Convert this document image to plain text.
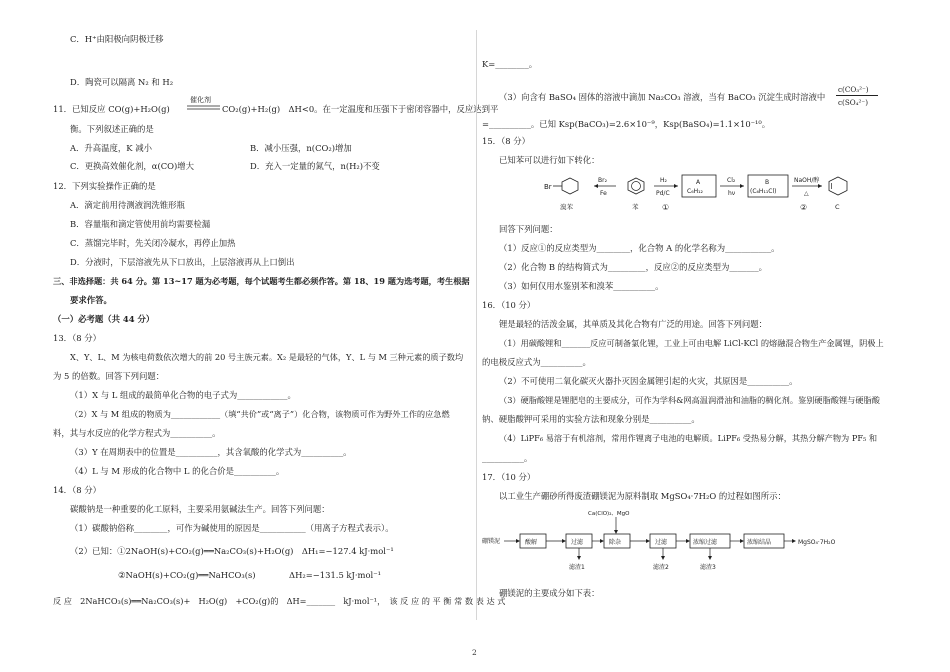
C．H⁺由阳极向阴极迁移
D．陶瓷可以隔离 N₂ 和 H₂
11．已知反应 CO(g)+H₂O(g)
催化剂
CO₂(g)+H₂(g)　ΔH<0。在一定温度和压强下于密闭容器中，反应达到平
衡。下列叙述正确的是
A．升高温度，K 减小	B．减小压强，n(CO₂)增加
C．更换高效催化剂，α(CO)增大	D．充入一定量的氮气，n(H₂)不变
12．下列实验操作正确的是
A．滴定前用待测液润洗锥形瓶
B．容量瓶和滴定管使用前均需要检漏
C．蒸馏完毕时，先关闭冷凝水，再停止加热
D．分液时，下层溶液先从下口放出，上层溶液再从上口倒出
三、非选择题：共 64 分。第 13~17 题为必考题，每个试题考生都必须作答。第 18、19 题为选考题，考生根据
要求作答。
（一）必考题（共 44 分）
13．（8 分）
X、Y、L、M 为核电荷数依次增大的前 20 号主族元素。X₂ 是最轻的气体，Y、L 与 M 三种元素的质子数均
为 5 的倍数。回答下列问题：
（1）X 与 L 组成的最简单化合物的电子式为____________。
（2）X 与 M 组成的物质为____________（填“共价”或“离子”）化合物，该物质可作为野外工作的应急燃
料，其与水反应的化学方程式为__________。
（3）Y 在周期表中的位置是__________，其含氧酸的化学式为__________。
（4）L 与 M 形成的化合物中 L 的化合价是__________。
14．（8 分）
碳酸钠是一种重要的化工原料，主要采用氨碱法生产。回答下列问题：
（1）碳酸钠俗称________，可作为碱使用的原因是___________（用离子方程式表示）。
（2）已知：①2NaOH(s)+CO₂(g)══Na₂CO₃(s)+H₂O(g)　ΔH₁=−127.4 kJ·mol⁻¹
②NaOH(s)+CO₂(g)══NaHCO₃(s)　　　　ΔH₂=−131.5 kJ·mol⁻¹
反 应　2NaHCO₃(s)══Na₂CO₃(s)+　H₂O(g)　+CO₂(g)的　ΔH=_______　kJ·mol⁻¹，　该 反 应 的 平 衡 常 数 表 达 式
K=________。
（3）向含有 BaSO₄ 固体的溶液中滴加 Na₂CO₃ 溶液，当有 BaCO₃ 沉淀生成时溶液中
c(CO₃²⁻)
c(SO₄²⁻)
=__________。已知 Ksp(BaCO₃)=2.6×10⁻⁹，Ksp(BaSO₄)=1.1×10⁻¹⁰。
15．（8 分）
已知苯可以进行如下转化：
Br
Br₂
Fe
H₂
Pd/C
A
C₆H₁₂
Cl₂
hν
B
(C₆H₁₁Cl)
NaOH/醇
△
溴苯	苯	①	②	C
回答下列问题：
（1）反应①的反应类型为________，化合物 A 的化学名称为___________。
（2）化合物 B 的结构简式为_________，反应②的反应类型为_______。
（3）如何仅用水鉴别苯和溴苯__________。
16．（10 分）
锂是最轻的活泼金属，其单质及其化合物有广泛的用途。回答下列问题：
（1）用碳酸锂和_______反应可制备氯化锂，工业上可由电解 LiCl-KCl 的熔融混合物生产金属锂，阴极上
的电极反应式为__________。
（2）不可使用二氧化碳灭火器扑灭因金属锂引起的火灾，其原因是__________。
（3）硬脂酸锂是锂肥皂的主要成分，可作为学科&网高温润滑油和油脂的稠化剂。鉴别硬脂酸锂与硬脂酸
钠、硬脂酸钾可采用的实验方法和现象分别是__________。
（4）LiPF₆ 易溶于有机溶剂，常用作锂离子电池的电解质。LiPF₆ 受热易分解，其热分解产物为 PF₅ 和
__________。
17．（10 分）
以工业生产硼砂所得废渣硼镁泥为原料制取 MgSO₄·7H₂O 的过程如图所示：
Ca(ClO)₂、MgO
硼镁泥	酸解	过滤
滤渣1
除杂	过滤
滤渣2
浓缩过滤
滤渣3
浓缩结晶	MgSO₄·7H₂O
硼镁泥的主要成分如下表：
2
